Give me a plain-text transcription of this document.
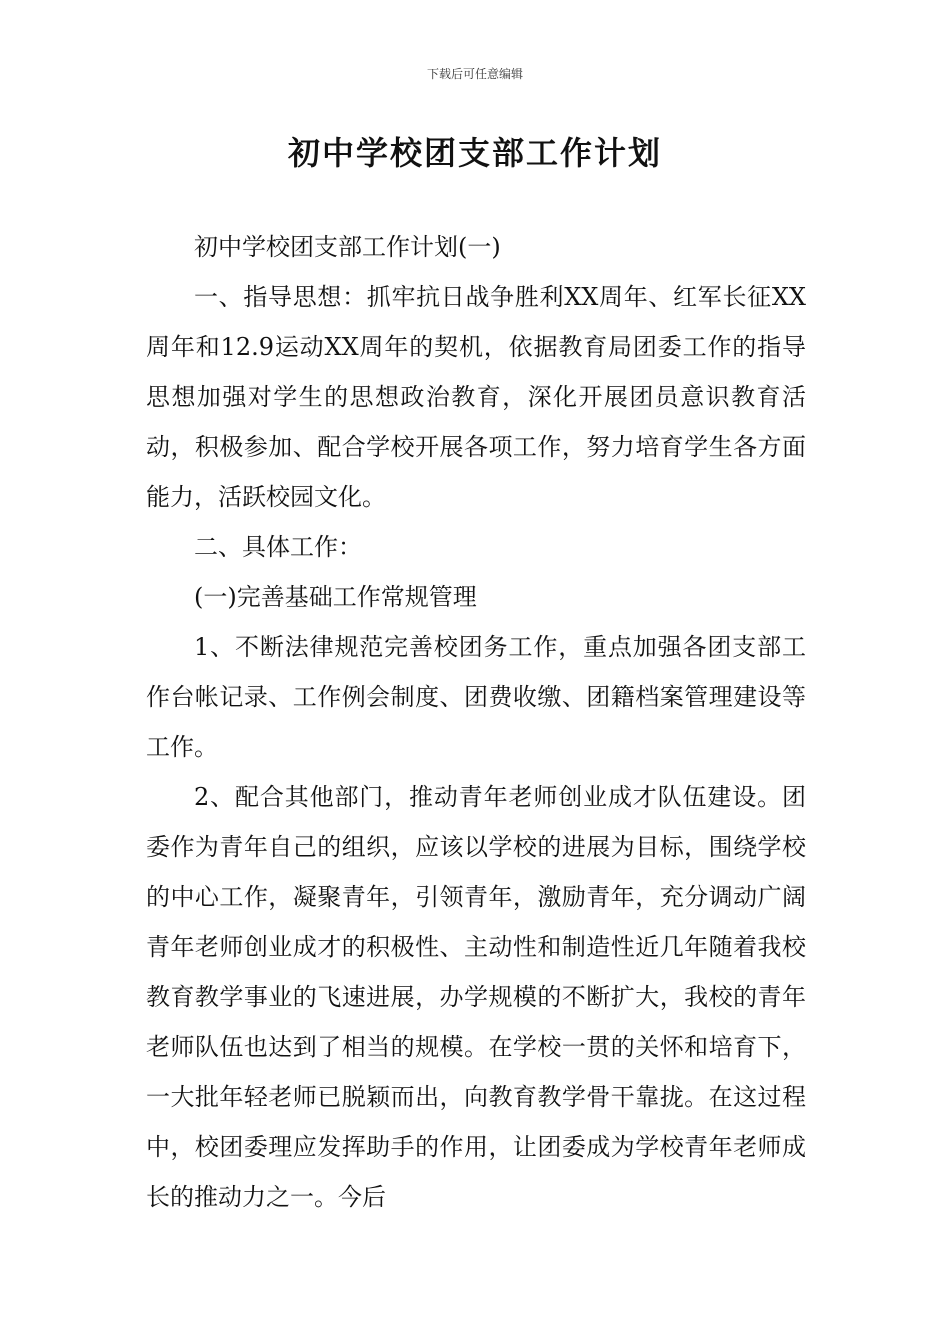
下载后可任意编辑
初中学校团支部工作计划

初中学校团支部工作计划(一)

一、指导思想：抓牢抗日战争胜利XX周年、红军长征XX周年和12.9运动XX周年的契机，依据教育局团委工作的指导思想加强对学生的思想政治教育，深化开展团员意识教育活动，积极参加、配合学校开展各项工作，努力培育学生各方面能力，活跃校园文化。

二、具体工作：

(一)完善基础工作常规管理

1、不断法律规范完善校团务工作，重点加强各团支部工作台帐记录、工作例会制度、团费收缴、团籍档案管理建设等工作。

2、配合其他部门，推动青年老师创业成才队伍建设。团委作为青年自己的组织，应该以学校的进展为目标，围绕学校的中心工作，凝聚青年，引领青年，激励青年，充分调动广阔青年老师创业成才的积极性、主动性和制造性近几年随着我校教育教学事业的飞速进展，办学规模的不断扩大，我校的青年老师队伍也达到了相当的规模。在学校一贯的关怀和培育下，一大批年轻老师已脱颖而出，向教育教学骨干靠拢。在这过程中，校团委理应发挥助手的作用，让团委成为学校青年老师成长的推动力之一。今后
